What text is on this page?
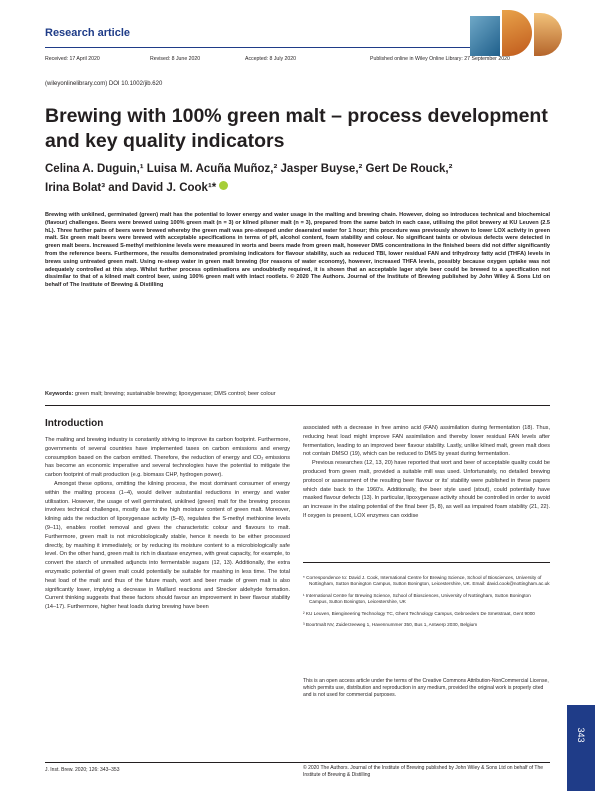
Research article
Received: 17 April 2020	Revised: 8 June 2020	Accepted: 8 July 2020	Published online in Wiley Online Library: 27 September 2020
(wileyonlinelibrary.com) DOI 10.1002/jib.620
Brewing with 100% green malt – process development and key quality indicators
Celina A. Duguin,¹ Luisa M. Acuña Muñoz,² Jasper Buyse,² Gert De Rouck,²
Irina Bolat³ and David J. Cook¹*

Brewing with unkilned, germinated (green) malt has the potential to lower energy and water usage in the malting and brewing chain. However, doing so introduces technical and biochemical (flavour) challenges. Beers were brewed using 100% green malt (n = 3) or kilned pilsner malt (n = 3), prepared from the same batch in each case, utilising the pilot brewery at KU Leuven (2.5 hL). Three further pairs of beers were brewed whereby the green malt was pre-steeped under deaerated water for 1 hour; this procedure was previously shown to lower LOX activity in green malt. Six green malt beers were brewed with acceptable specifications in terms of pH, alcohol content, foam stability and colour. No significant taints or obvious defects were detected in green malt beers. Increased S-methyl methionine levels were measured in worts and beers made from green malt, however DMS concentrations in the finished beers did not differ significantly from the reference beers. Furthermore, the results demonstrated promising indicators for flavour stability, such as reduced TBI, lower residual FAN and trihydroxy fatty acid (THFA) levels in brews using untreated green malt. Using re-steep water in green malt brewing (for reasons of water economy), however, increased THFA levels, possibly because oxygen uptake was not adequately controlled at this step. Whilst further process optimisations are undoubtedly required, it is shown that an acceptable lager style beer could be brewed to a specification not dissimilar to that of a kilned malt control beer, using 100% green malt with intact rootlets. © 2020 The Authors. Journal of the Institute of Brewing published by John Wiley & Sons Ltd on behalf of The Institute of Brewing & Distilling

Keywords: green malt; brewing; sustainable brewing; lipoxygenase; DMS control; beer colour

Introduction

The malting and brewing industry is constantly striving to improve its carbon footprint. Furthermore, governments of several countries have implemented taxes on carbon emissions and energy consumption based on the carbon emitted. Therefore, the reduction of energy and CO₂ emissions has become an economic imperative and several technologies have the potential to mitigate the carbon footprint of malt production (e.g. biomass CHP, hydrogen power).

Amongst these options, omitting the kilning process, the most dominant consumer of energy within the malting process (1–4), would deliver substantial reductions in energy and water utilisation. However, the usage of well germinated, unkilned (green) malt for the brewing process involves technical challenges, mostly due to the high moisture content of green malt. Moreover, kilning aids the reduction of lipoxygenase activity (5–8), regulates the S-methyl methionine levels (9–11), enables rootlet removal and gives the characteristic colour and flavours to malt. Furthermore, green malt is not microbiologically stable, hence it needs to be either processed directly, by mashing it immediately, or by reducing its moisture content to a microbiologically safe level. On the other hand, green malt is rich in diastase enzymes, with great capacity, for example, to convert the starch of unmalted adjuncts into fermentable sugars (12, 13). Additionally, the extra enzymatic potential of green malt could potentially be suitable for mashing in less time. The total heat load of the malt and thus of the future mash, wort and beer made of green malt is also significantly lower, implying a decrease in Maillard reactions and Strecker aldehyde formation. Current thinking suggests that these factors should favour an improvement in beer flavour stability (14–17). Furthermore, higher heat loads during brewing have been

associated with a decrease in free amino acid (FAN) assimilation during fermentation (18). Thus, reducing heat load might improve FAN assimilation and thereby lower residual FAN levels after fermentation, leading to an improved beer flavour stability. Lastly, unlike kilned malt, green malt does not contain DMSO (19), which can be reduced to DMS by yeast during fermentation.

Previous researches (12, 13, 20) have reported that wort and beer of acceptable quality could be produced from green malt, provided a suitable mill was used. Unfortunately, no detailed brewing protocol or assessment of the resulting beer flavour or its' stability were published in these papers which date back to the 1960's. Additionally, the beer style used (stout), could potentially have masked flavour defects (13). In particular, lipoxygenase activity should be controlled in order to avoid an increase in the staling potential of the final beer (5, 8), as well as impaired foam stability (21, 22). If oxygen is present, LOX enzymes can oxidise

* Correspondence to: David J. Cook, International Centre for Brewing Science, School of Biosciences, University of Nottingham, Sutton Bonington Campus, Sutton Bonington, Leicestershire, UK. Email: david.cook@nottingham.ac.uk

¹ International Centre for Brewing Science, School of Biosciences, University of Nottingham, Sutton Bonington Campus, Sutton Bonington, Leicestershire, UK

² KU Leuven, Biengineering Technology TC, Ghent Technology Campus, Gebroeders De Smetstraat, Gent 9000

³ Boortmalt NV, Zuiderzeeweg 1, Havennummer 350, Bus 1, Antwerp 2030, Belgium

This is an open access article under the terms of the Creative Commons Attribution-NonCommercial License, which permits use, distribution and reproduction in any medium, provided the original work is properly cited and is not used for commercial purposes.

J. Inst. Brew. 2020; 126: 343–353	© 2020 The Authors. Journal of the Institute of Brewing published by John Wiley & Sons Ltd on behalf of The Institute of Brewing & Distilling
343
